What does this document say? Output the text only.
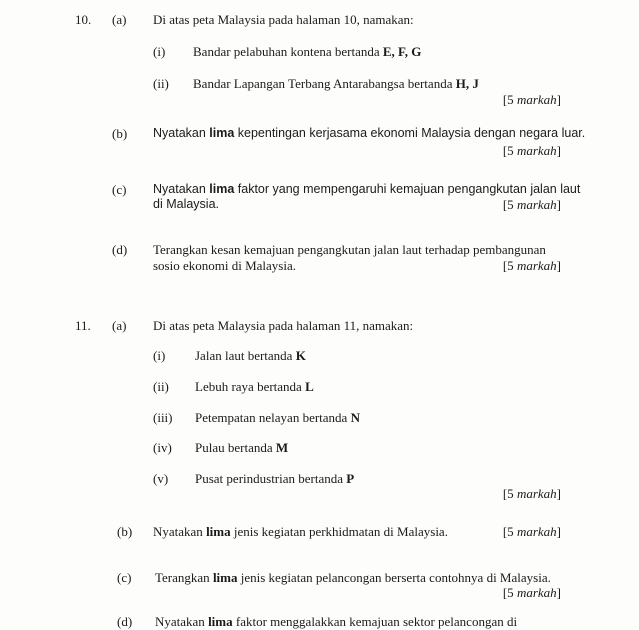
10. (a) Di atas peta Malaysia pada halaman 10, namakan:
(i) Bandar pelabuhan kontena bertanda E, F, G
(ii) Bandar Lapangan Terbang Antarabangsa bertanda H, J
[5 markah]
(b) Nyatakan lima kepentingan kerjasama ekonomi Malaysia dengan negara luar.
[5 markah]
(c) Nyatakan lima faktor yang mempengaruhi kemajuan pengangkutan jalan laut
di Malaysia.	[5 markah]
(d) Terangkan kesan kemajuan pengangkutan jalan laut terhadap pembangunan
sosio ekonomi di Malaysia.	[5 markah]
11. (a) Di atas peta Malaysia pada halaman 11, namakan:
(i) Jalan laut bertanda K
(ii) Lebuh raya bertanda L
(iii) Petempatan nelayan bertanda N
(iv) Pulau bertanda M
(v) Pusat perindustrian bertanda P
[5 markah]
(b) Nyatakan lima jenis kegiatan perkhidmatan di Malaysia.	[5 markah]
(c) Terangkan lima jenis kegiatan pelancongan berserta contohnya di Malaysia.
[5 markah]
(d) Nyatakan lima faktor menggalakkan kemajuan sektor pelancongan di
